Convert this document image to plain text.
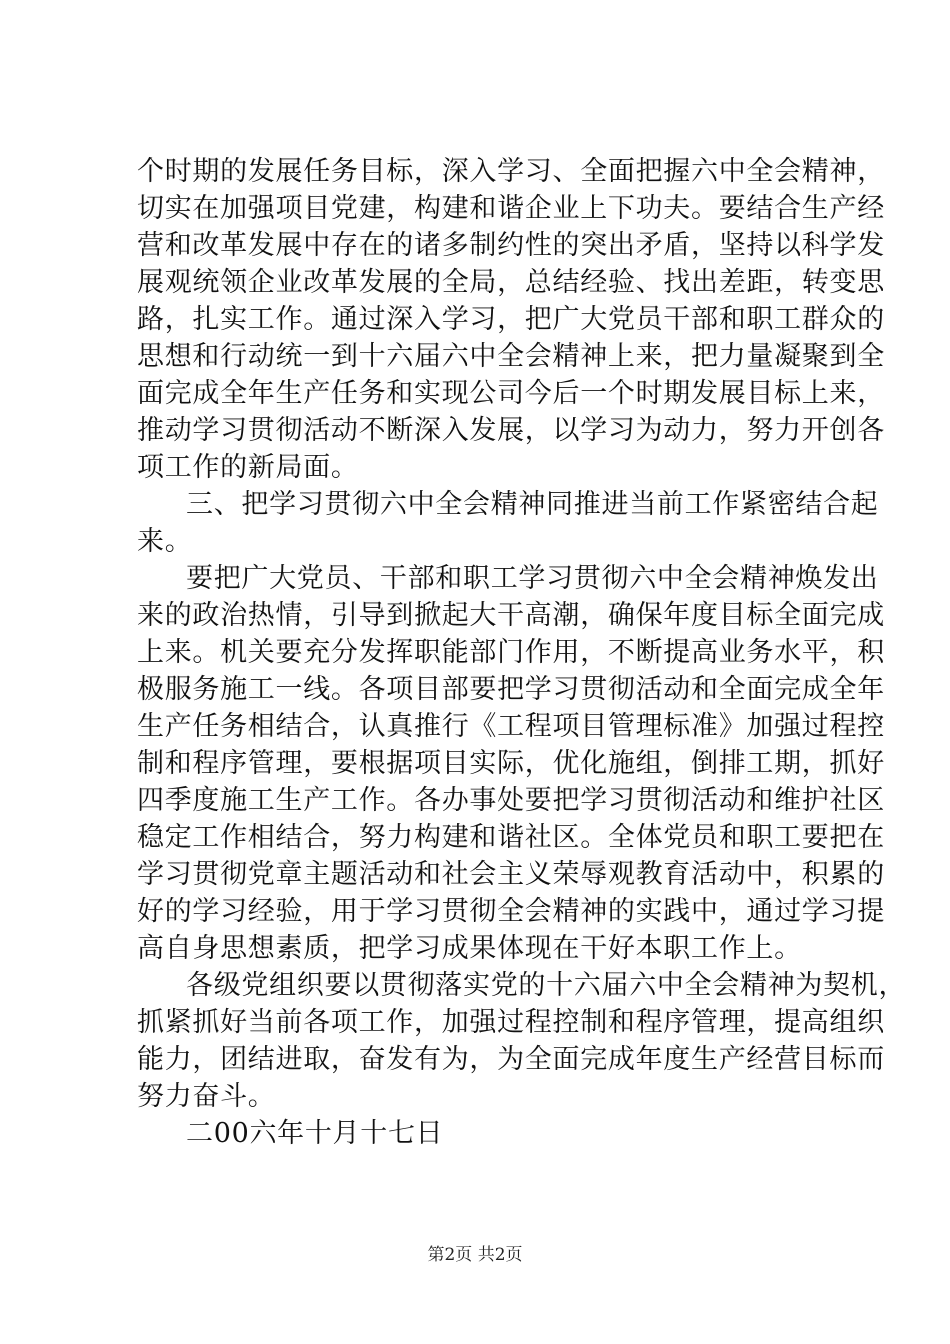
个时期的发展任务目标，深入学习、全面把握六中全会精神，
切实在加强项目党建，构建和谐企业上下功夫。要结合生产经
营和改革发展中存在的诸多制约性的突出矛盾，坚持以科学发
展观统领企业改革发展的全局，总结经验、找出差距，转变思
路，扎实工作。通过深入学习，把广大党员干部和职工群众的
思想和行动统一到十六届六中全会精神上来，把力量凝聚到全
面完成全年生产任务和实现公司今后一个时期发展目标上来，
推动学习贯彻活动不断深入发展，以学习为动力，努力开创各
项工作的新局面。
三、把学习贯彻六中全会精神同推进当前工作紧密结合起
来。
要把广大党员、干部和职工学习贯彻六中全会精神焕发出
来的政治热情，引导到掀起大干高潮，确保年度目标全面完成
上来。机关要充分发挥职能部门作用，不断提高业务水平，积
极服务施工一线。各项目部要把学习贯彻活动和全面完成全年
生产任务相结合，认真推行《工程项目管理标准》加强过程控
制和程序管理，要根据项目实际，优化施组，倒排工期，抓好
四季度施工生产工作。各办事处要把学习贯彻活动和维护社区
稳定工作相结合，努力构建和谐社区。全体党员和职工要把在
学习贯彻党章主题活动和社会主义荣辱观教育活动中，积累的
好的学习经验，用于学习贯彻全会精神的实践中，通过学习提
高自身思想素质，把学习成果体现在干好本职工作上。
各级党组织要以贯彻落实党的十六届六中全会精神为契机，
抓紧抓好当前各项工作，加强过程控制和程序管理，提高组织
能力，团结进取，奋发有为，为全面完成年度生产经营目标而
努力奋斗。
二00六年十月十七日
第2页 共2页
